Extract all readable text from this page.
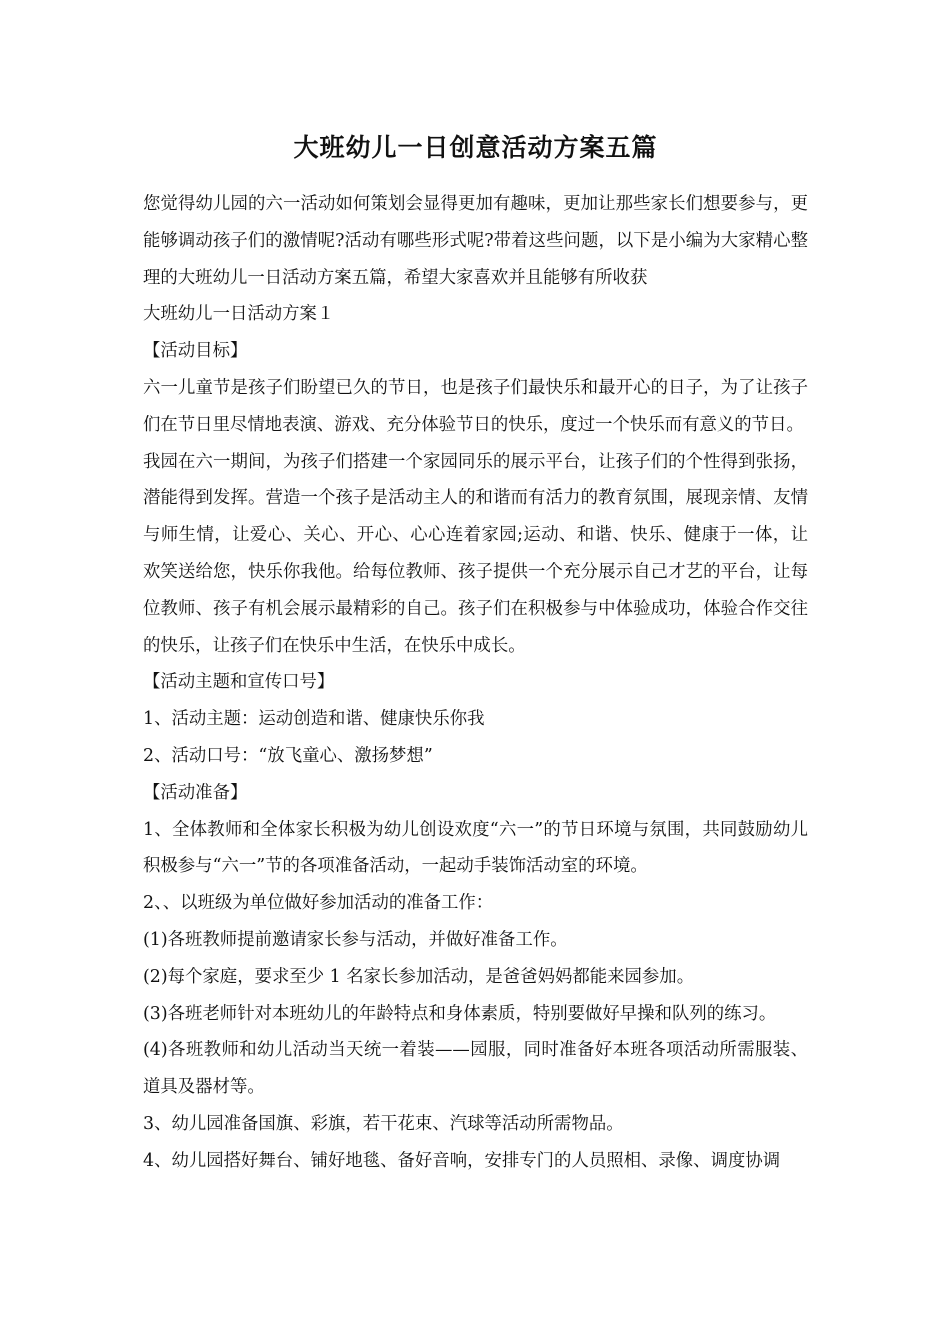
大班幼儿一日创意活动方案五篇

您觉得幼儿园的六一活动如何策划会显得更加有趣味，更加让那些家长们想要参与，更能够调动孩子们的激情呢?活动有哪些形式呢?带着这些问题，以下是小编为大家精心整理的大班幼儿一日活动方案五篇，希望大家喜欢并且能够有所收获

大班幼儿一日活动方案１

【活动目标】

六一儿童节是孩子们盼望已久的节日，也是孩子们最快乐和最开心的日子，为了让孩子们在节日里尽情地表演、游戏、充分体验节日的快乐，度过一个快乐而有意义的节日。

我园在六一期间，为孩子们搭建一个家园同乐的展示平台，让孩子们的个性得到张扬，潜能得到发挥。营造一个孩子是活动主人的和谐而有活力的教育氛围，展现亲情、友情与师生情，让爱心、关心、开心、心心连着家园;运动、和谐、快乐、健康于一体，让欢笑送给您，快乐你我他。给每位教师、孩子提供一个充分展示自己才艺的平台，让每位教师、孩子有机会展示最精彩的自己。孩子们在积极参与中体验成功，体验合作交往的快乐，让孩子们在快乐中生活，在快乐中成长。

【活动主题和宣传口号】

1、活动主题：运动创造和谐、健康快乐你我

2、活动口号：“放飞童心、激扬梦想”

【活动准备】

1、全体教师和全体家长积极为幼儿创设欢度“六一”的节日环境与氛围，共同鼓励幼儿积极参与“六一”节的各项准备活动，一起动手装饰活动室的环境。

2、、以班级为单位做好参加活动的准备工作：

(1)各班教师提前邀请家长参与活动，并做好准备工作。

(2)每个家庭，要求至少 1 名家长参加活动，是爸爸妈妈都能来园参加。

(3)各班老师针对本班幼儿的年龄特点和身体素质，特别要做好早操和队列的练习。

(4)各班教师和幼儿活动当天统一着装——园服，同时准备好本班各项活动所需服装、道具及器材等。

3、幼儿园准备国旗、彩旗，若干花束、汽球等活动所需物品。

4、幼儿园搭好舞台、铺好地毯、备好音响，安排专门的人员照相、录像、调度协调
